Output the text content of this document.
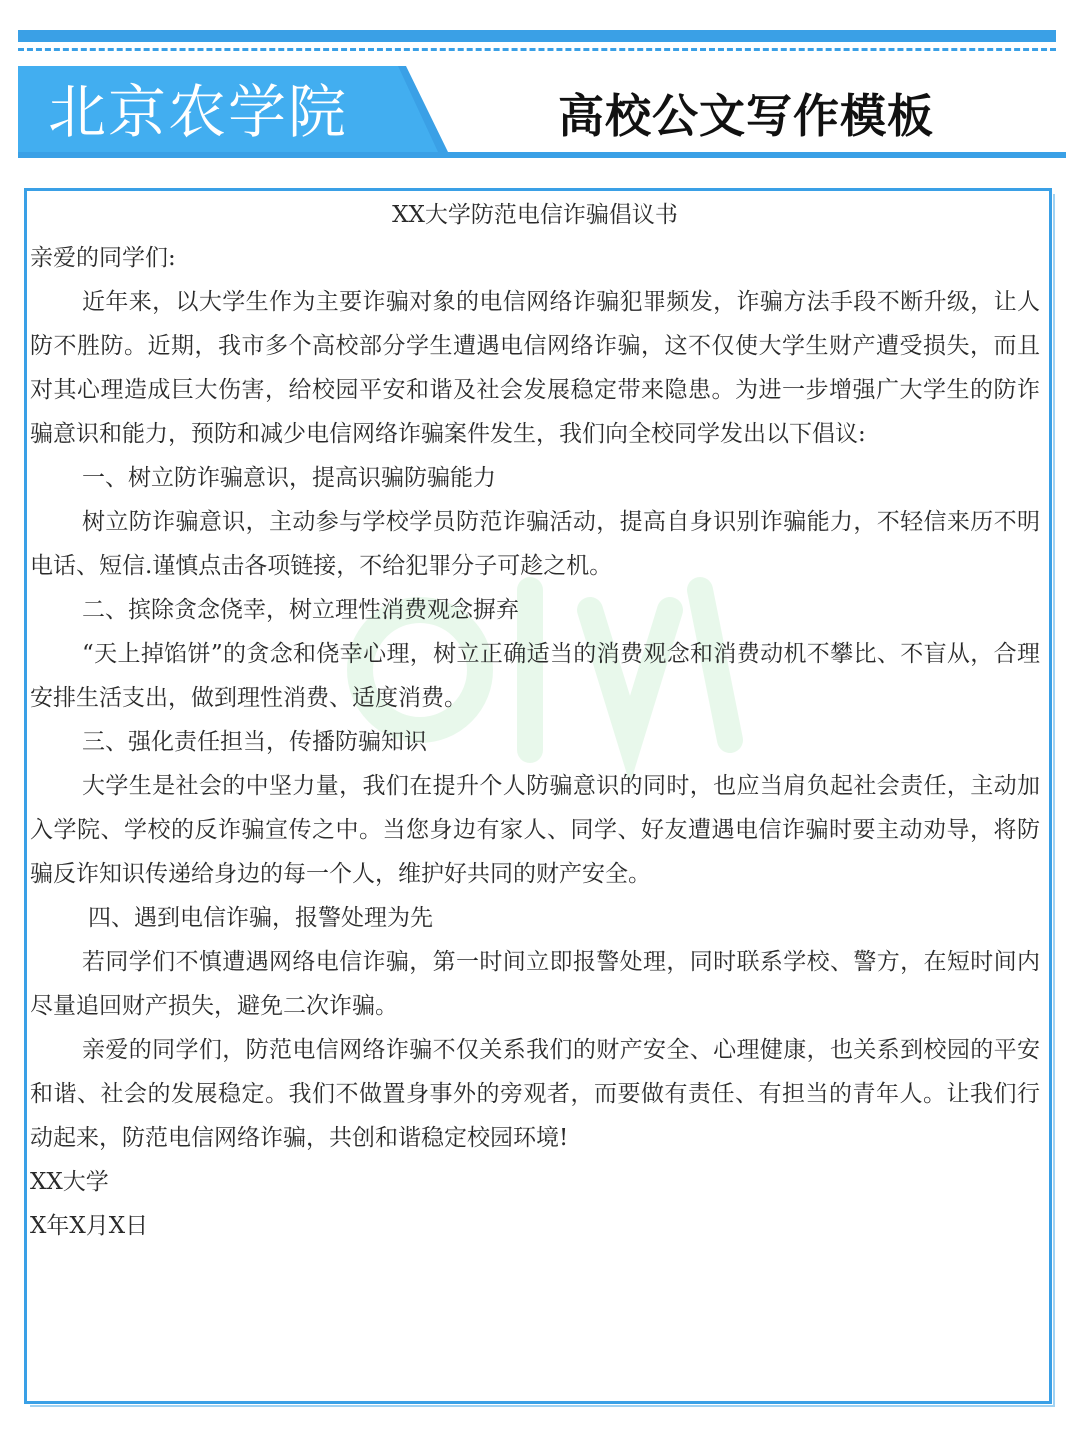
北京农学院	高校公文写作模板

XX大学防范电信诈骗倡议书

亲爱的同学们:

近年来，以大学生作为主要诈骗对象的电信网络诈骗犯罪频发，诈骗方法手段不断升级，让人防不胜防。近期，我市多个高校部分学生遭遇电信网络诈骗，这不仅使大学生财产遭受损失，而且对其心理造成巨大伤害，给校园平安和谐及社会发展稳定带来隐患。为进一步增强广大学生的防诈骗意识和能力，预防和减少电信网络诈骗案件发生，我们向全校同学发出以下倡议:

一、树立防诈骗意识，提高识骗防骗能力

树立防诈骗意识，主动参与学校学员防范诈骗活动，提高自身识别诈骗能力，不轻信来历不明电话、短信.谨慎点击各项链接，不给犯罪分子可趁之机。

二、摈除贪念侥幸，树立理性消费观念摒弃

“天上掉馅饼”的贪念和侥幸心理，树立正确适当的消费观念和消费动机不攀比、不盲从，合理安排生活支出，做到理性消费、适度消费。

三、强化责任担当，传播防骗知识

大学生是社会的中坚力量，我们在提升个人防骗意识的同时，也应当肩负起社会责任，主动加入学院、学校的反诈骗宣传之中。当您身边有家人、同学、好友遭遇电信诈骗时要主动劝导，将防骗反诈知识传递给身边的每一个人，维护好共同的财产安全。

四、遇到电信诈骗，报警处理为先

若同学们不慎遭遇网络电信诈骗，第一时间立即报警处理，同时联系学校、警方，在短时间内尽量追回财产损失，避免二次诈骗。

亲爱的同学们，防范电信网络诈骗不仅关系我们的财产安全、心理健康，也关系到校园的平安和谐、社会的发展稳定。我们不做置身事外的旁观者，而要做有责任、有担当的青年人。让我们行动起来，防范电信网络诈骗，共创和谐稳定校园环境!

XX大学

X年X月X日
